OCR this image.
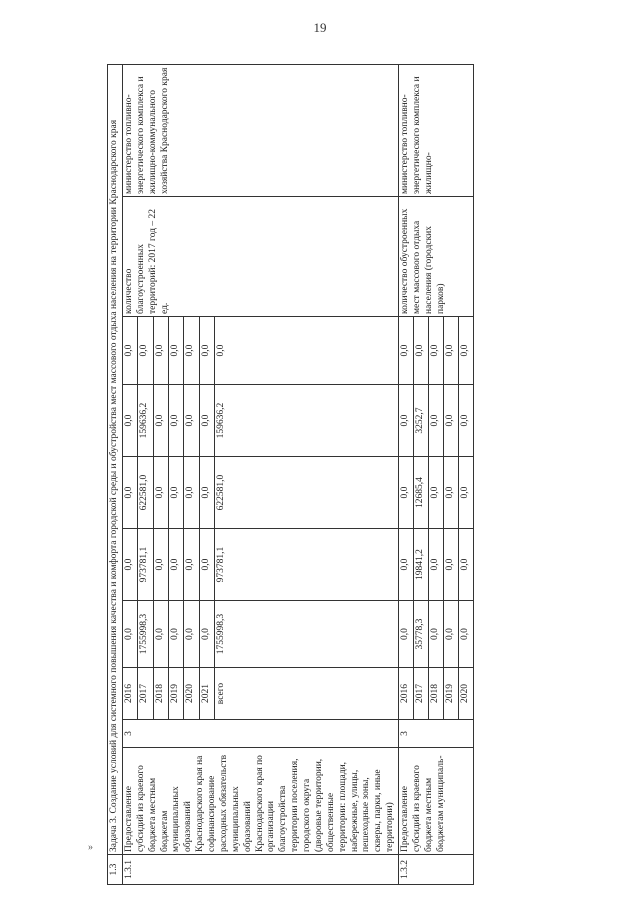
19
»
1.3	Задача 3. Создание условий для системного повышения качества и комфорта городской среды и обустройства мест массового отдыха населения на территории Краснодарского края									
1.3.1	Предоставление субсидий из краевого бюджета местным бюджетам муниципальных образований Краснодарского края на софинансирование расходных обязательств муниципальных образований Краснодарского края по организации благоустройства территории поселения, городского округа (дворовые территории, общественные территории: площади, набережные, улицы, пешеходные зоны, скверы, парки, иные территории)	3	2016	0,0	0,0	0,0	0,0	0,0	количество благоустроенных территорий: 2017 год – 22 ед.	министерство топливно-энергетического комплекса и жилищно-коммунального хозяйства Краснодарского края
			2017	1755998,3	973781,1	622581,0	159636,2	0,0		
			2018	0,0	0,0	0,0	0,0	0,0		
			2019	0,0	0,0	0,0	0,0	0,0		
			2020	0,0	0,0	0,0	0,0	0,0		
			2021	0,0	0,0	0,0	0,0	0,0		
			всего	1755998,3	973781,1	622581,0	159636,2	0,0		
1.3.2	Предоставление субсидий из краевого бюджета местным бюджетам муниципаль-	3	2016	0,0	0,0	0,0	0,0	0,0	количество обустроенных мест массового отдыха населения (городских парков)	министерство топливно-энергетического комплекса и жилищно-
			2017	35778,3	19841,2	12685,4	3252,7	0,0		
			2018	0,0	0,0	0,0	0,0	0,0		
			2019	0,0	0,0	0,0	0,0	0,0		
			2020	0,0	0,0	0,0	0,0	0,0		
